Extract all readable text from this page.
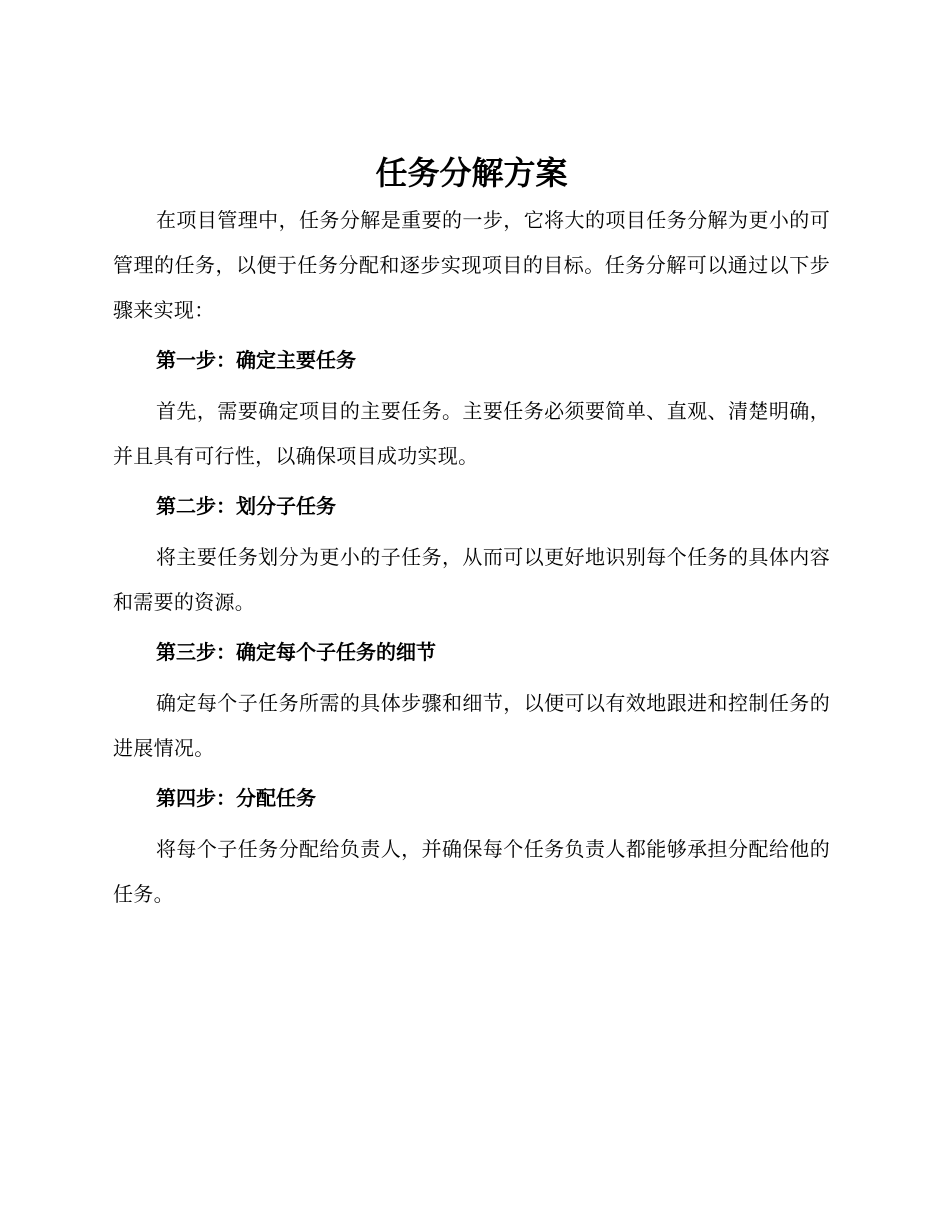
任务分解方案

在项目管理中，任务分解是重要的一步，它将大的项目任务分解为更小的可管理的任务，以便于任务分配和逐步实现项目的目标。任务分解可以通过以下步骤来实现：

第一步：确定主要任务

首先，需要确定项目的主要任务。主要任务必须要简单、直观、清楚明确，并且具有可行性，以确保项目成功实现。

第二步：划分子任务

将主要任务划分为更小的子任务，从而可以更好地识别每个任务的具体内容和需要的资源。

第三步：确定每个子任务的细节

确定每个子任务所需的具体步骤和细节，以便可以有效地跟进和控制任务的进展情况。

第四步：分配任务

将每个子任务分配给负责人，并确保每个任务负责人都能够承担分配给他的任务。
